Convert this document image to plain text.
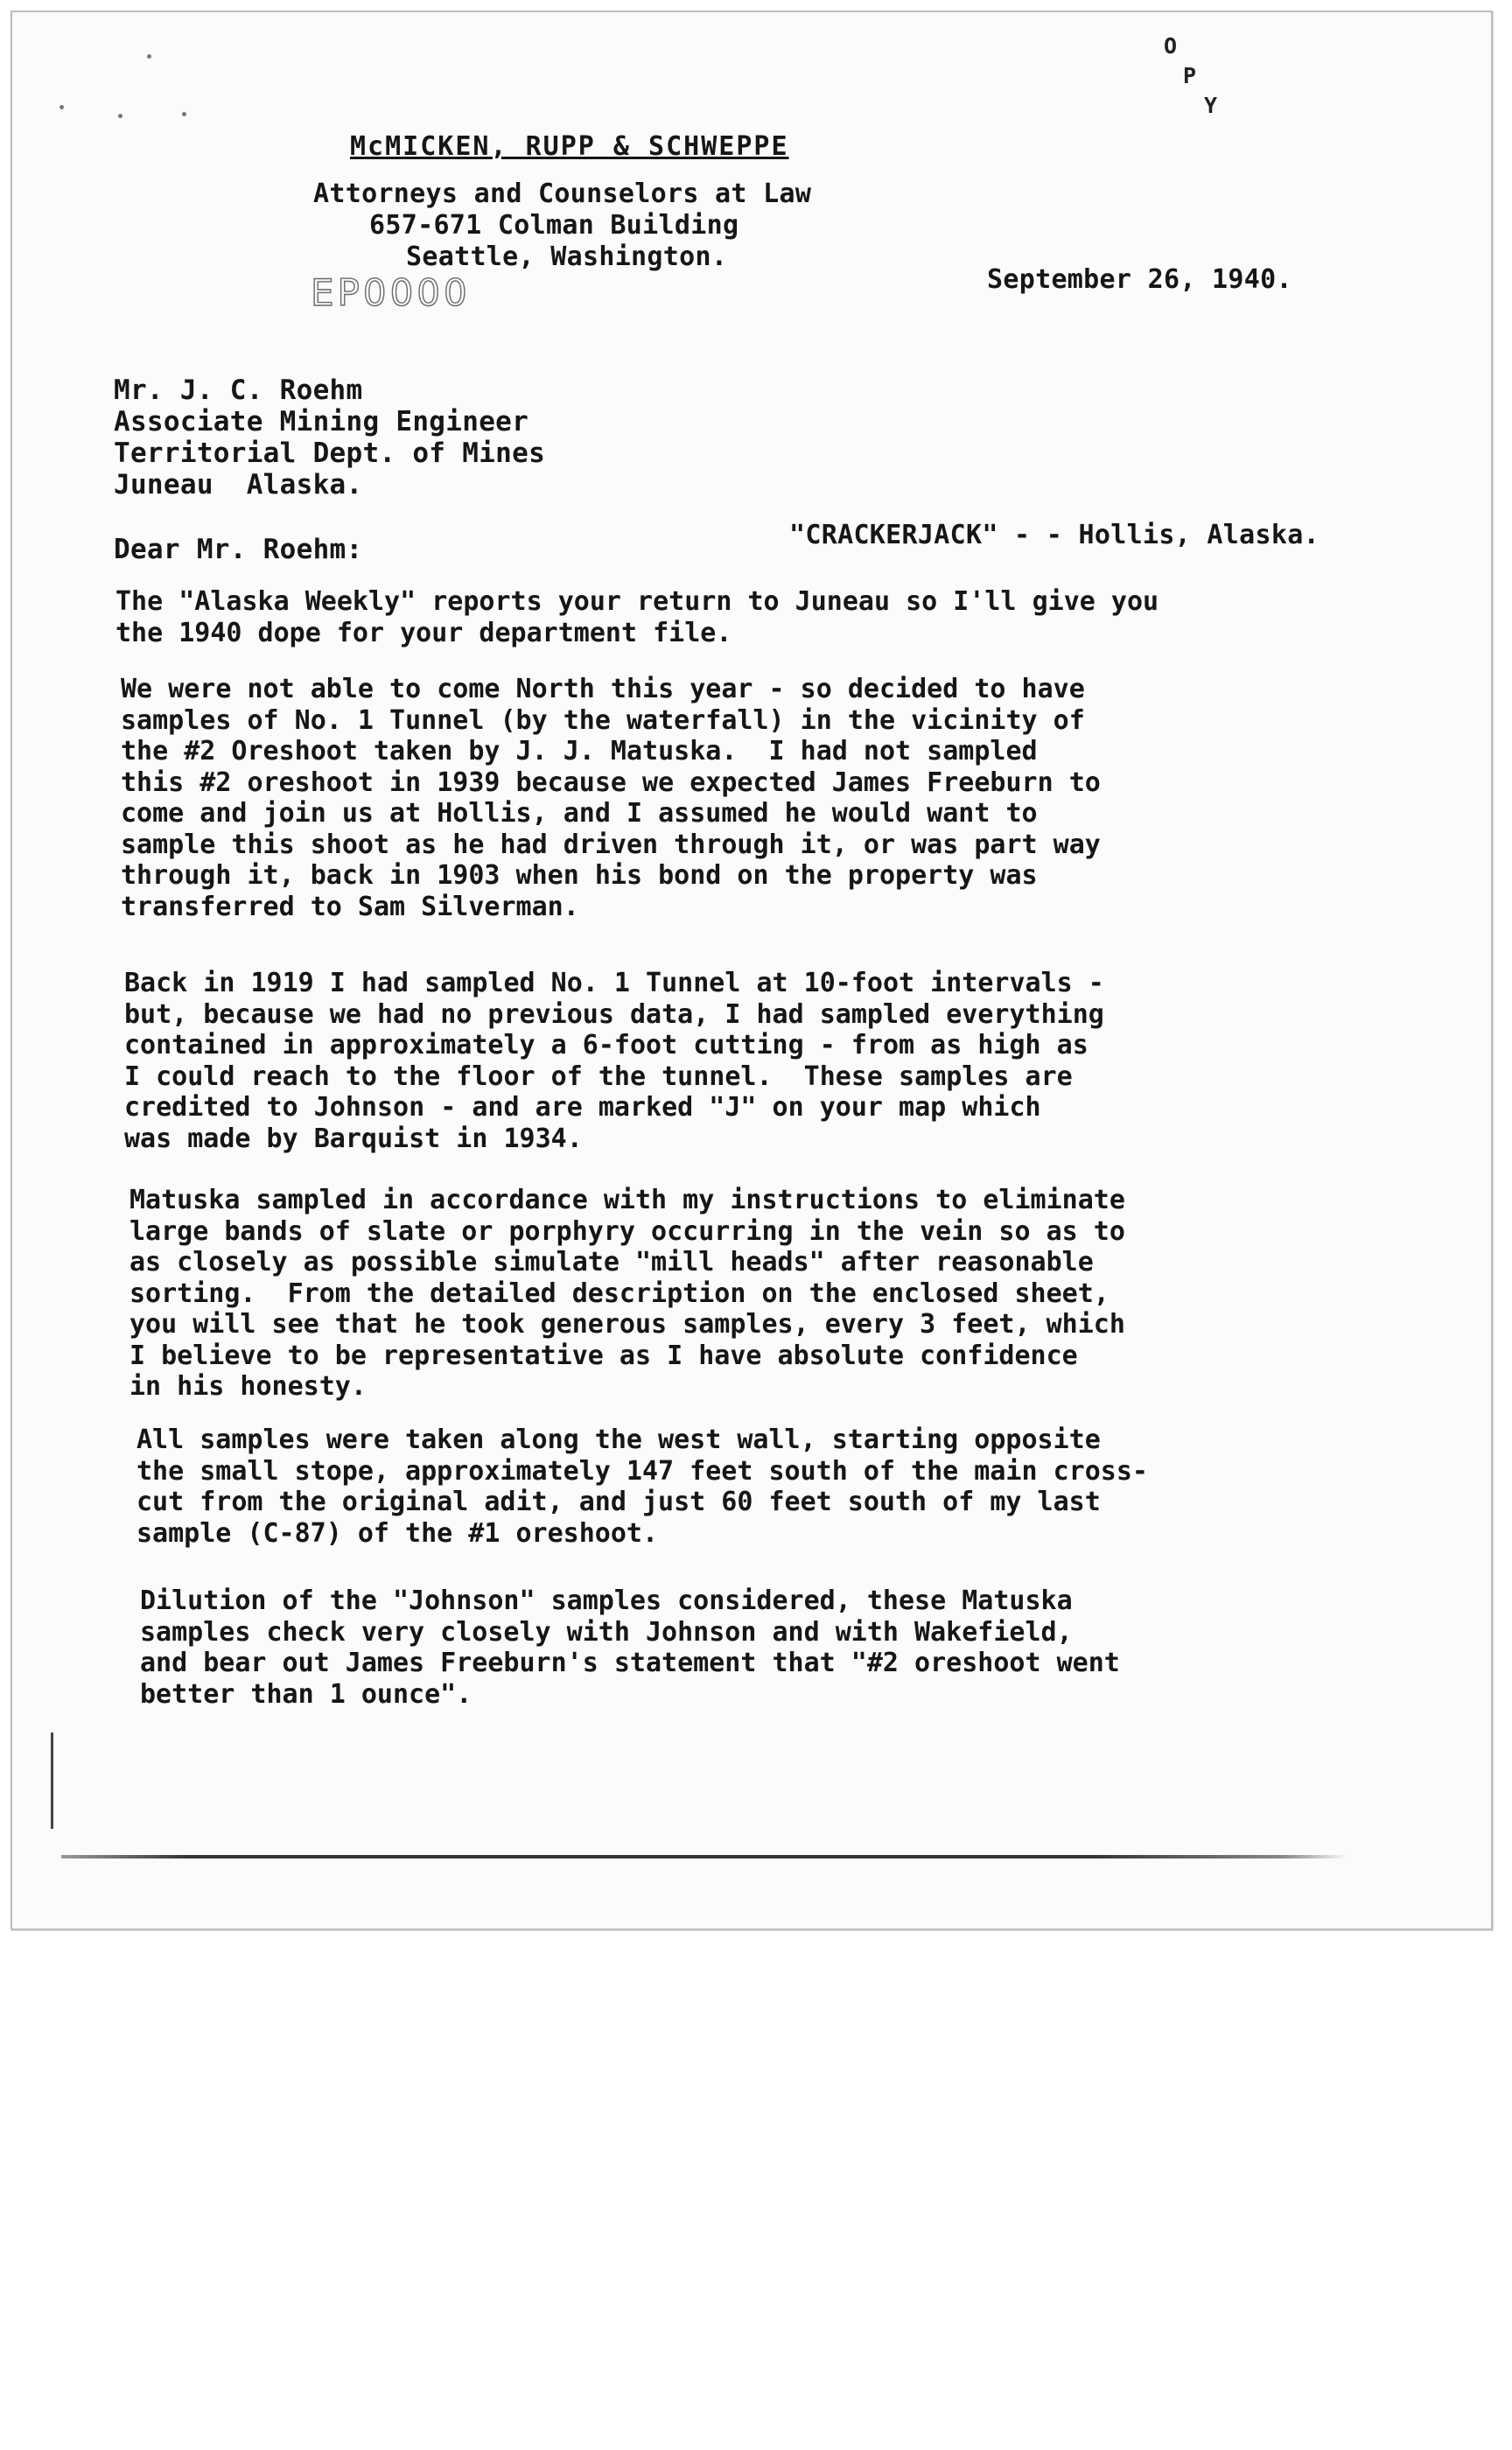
O
P
Y
McMICKEN, RUPP & SCHWEPPE
Attorneys and Counselors at Law
657-671 Colman Building
Seattle, Washington.
EP0000	September 26, 1940.
Mr. J. C. Roehm
Associate Mining Engineer
Territorial Dept. of Mines
Juneau  Alaska.
Dear Mr. Roehm:	"CRACKERJACK" - - Hollis, Alaska.
The "Alaska Weekly" reports your return to Juneau so I'll give you
the 1940 dope for your department file.
We were not able to come North this year - so decided to have
samples of No. 1 Tunnel (by the waterfall) in the vicinity of
the #2 Oreshoot taken by J. J. Matuska.  I had not sampled
this #2 oreshoot in 1939 because we expected James Freeburn to
come and join us at Hollis, and I assumed he would want to
sample this shoot as he had driven through it, or was part way
through it, back in 1903 when his bond on the property was
transferred to Sam Silverman.
Back in 1919 I had sampled No. 1 Tunnel at 10-foot intervals -
but, because we had no previous data, I had sampled everything
contained in approximately a 6-foot cutting - from as high as
I could reach to the floor of the tunnel.  These samples are
credited to Johnson - and are marked "J" on your map which
was made by Barquist in 1934.
Matuska sampled in accordance with my instructions to eliminate
large bands of slate or porphyry occurring in the vein so as to
as closely as possible simulate "mill heads" after reasonable
sorting.  From the detailed description on the enclosed sheet,
you will see that he took generous samples, every 3 feet, which
I believe to be representative as I have absolute confidence
in his honesty.
All samples were taken along the west wall, starting opposite
the small stope, approximately 147 feet south of the main cross-
cut from the original adit, and just 60 feet south of my last
sample (C-87) of the #1 oreshoot.
Dilution of the "Johnson" samples considered, these Matuska
samples check very closely with Johnson and with Wakefield,
and bear out James Freeburn's statement that "#2 oreshoot went
better than 1 ounce".
